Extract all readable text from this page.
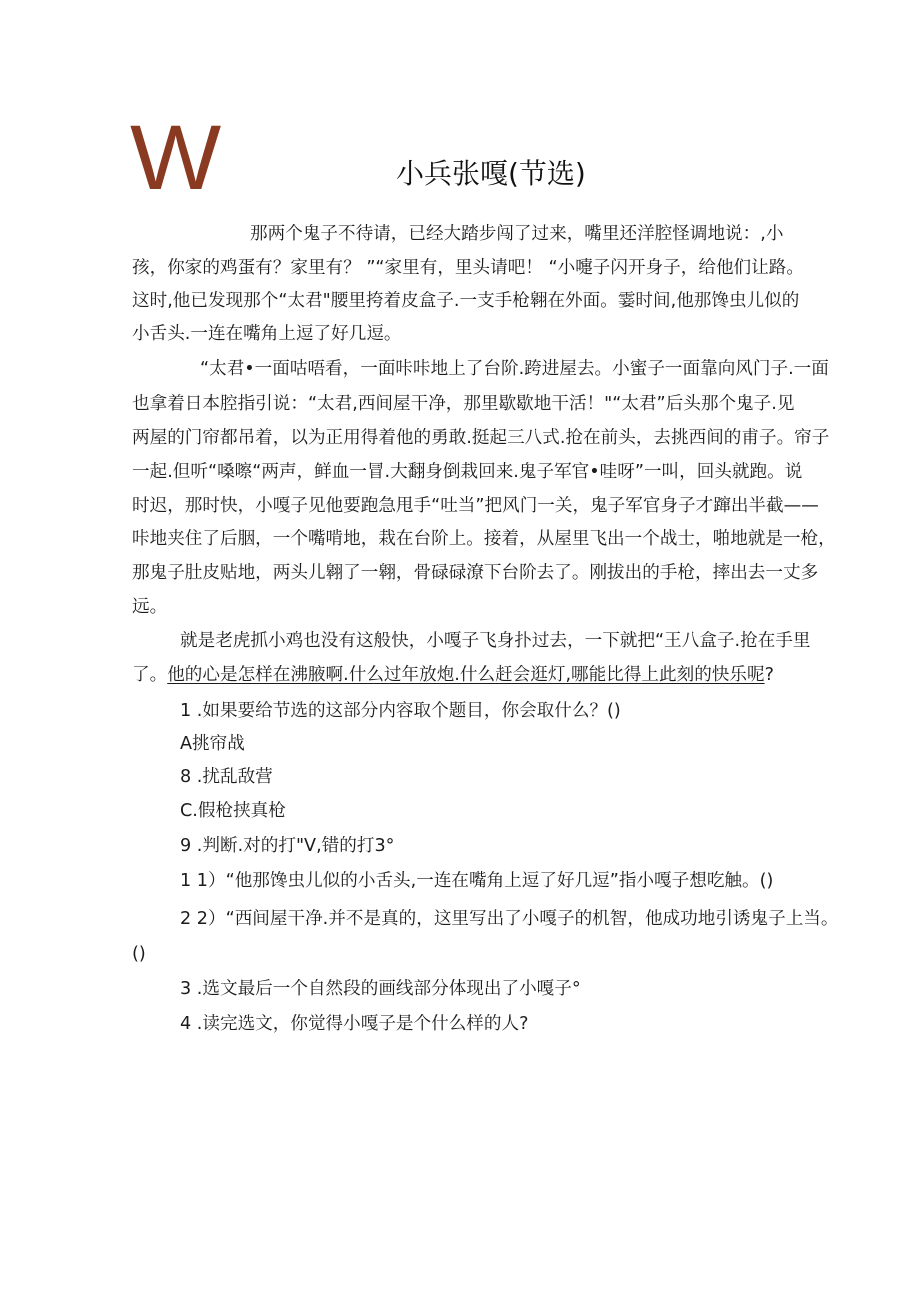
W	小兵张嘎(节选)
那两个鬼子不待请，已经大踏步闯了过来，嘴里还洋腔怪调地说：,小
孩，你家的鸡蛋有？家里有？ ”“家里有，里头请吧！ “小嚏子闪开身子，给他们让路。
这时,他已发现那个“太君"腰里挎着皮盒子.一支手枪翱在外面。霎时间,他那馋虫儿似的
小舌头.一连在嘴角上逗了好几逗。
“太君•一面咕唔看，一面咔咔地上了台阶.跨进屋去。小蜜子一面靠向风门子.一面
也拿着日本腔指引说：“太君,西间屋干净，那里歇歇地干活！"“太君”后头那个鬼子.见
两屋的门帘都吊着，以为正用得着他的勇敢.挺起三八式.抢在前头，去挑西间的甫子。帘子
一起.但听“嗓嚓“两声，鲜血一冒.大翻身倒栽回来.鬼子军官•哇呀”一叫，回头就跑。说
时迟，那时快，小嘎子见他要跑急甩手“吐当”把风门一关，鬼子军官身子才蹿出半截——
咔地夹住了后胭，一个嘴啃地，栽在台阶上。接着，从屋里飞出一个战士，啪地就是一枪，
那鬼子肚皮贴地，两头儿翱了一翱，骨碌碌潦下台阶去了。刚拔出的手枪，摔出去一丈多
远。
就是老虎抓小鸡也没有这般快，小嘎子飞身扑过去，一下就把“王八盒子.抢在手里
了。他的心是怎样在沸腋啊.什么过年放炮.什么赶会逛灯,哪能比得上此刻的快乐呢?
1 .如果要给节选的这部分内容取个题目，你会取什么？()
A挑帘战
8 .扰乱敌营
C.假枪挟真枪
9 .判断.对的打"V,错的打3°
1 1）“他那馋虫儿似的小舌头,一连在嘴角上逗了好几逗”指小嘎子想吃触。()
2 2）“西间屋干净.并不是真的，这里写出了小嘎子的机智，他成功地引诱鬼子上当。
()
3 .选文最后一个自然段的画线部分体现出了小嘎子°
4 .读完选文，你觉得小嘎子是个什么样的人?
